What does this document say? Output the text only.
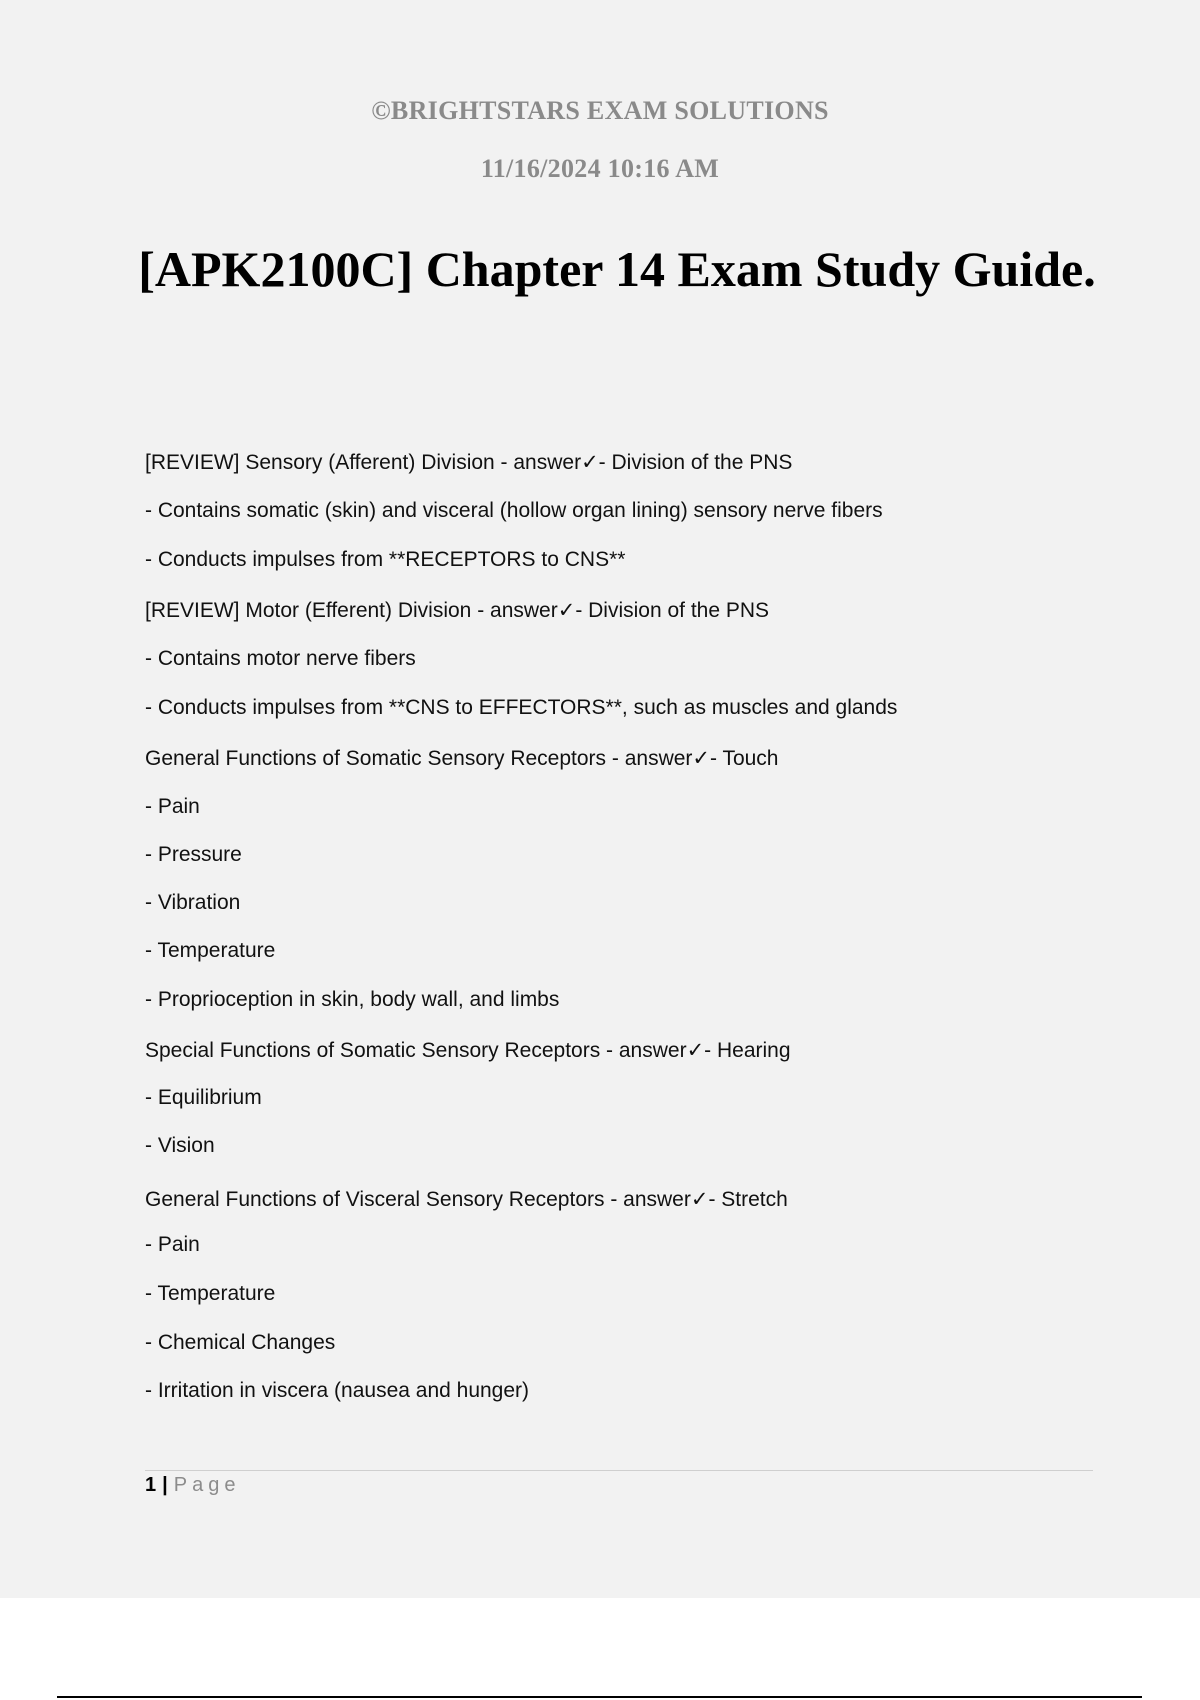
©BRIGHTSTARS EXAM SOLUTIONS
11/16/2024 10:16 AM
[APK2100C] Chapter 14 Exam Study Guide.
[REVIEW] Sensory (Afferent) Division - answer✓- Division of the PNS
- Contains somatic (skin) and visceral (hollow organ lining) sensory nerve fibers
- Conducts impulses from **RECEPTORS to CNS**
[REVIEW] Motor (Efferent) Division - answer✓- Division of the PNS
- Contains motor nerve fibers
- Conducts impulses from **CNS to EFFECTORS**, such as muscles and glands
General Functions of Somatic Sensory Receptors - answer✓- Touch
- Pain
- Pressure
- Vibration
- Temperature
- Proprioception in skin, body wall, and limbs
Special Functions of Somatic Sensory Receptors - answer✓- Hearing
- Equilibrium
- Vision
General Functions of Visceral Sensory Receptors - answer✓- Stretch
- Pain
- Temperature
- Chemical Changes
- Irritation in viscera (nausea and hunger)
1 | Page
